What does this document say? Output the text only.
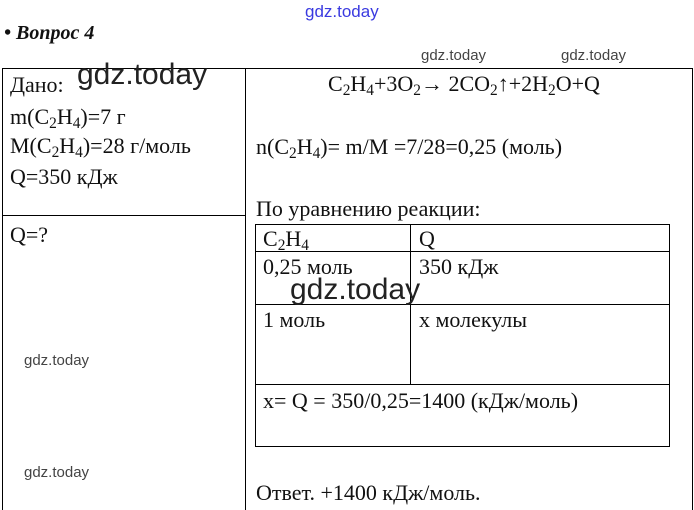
gdz.today
gdz.today	gdz.today
• Вопрос 4
Дано: gdz.today
$m(C_2H_4)=7$ г
$M(C_2H_4)=28$ г/моль
Q=350 кДж
Q=?
gdz.today
gdz.today
$C_2H_4+3O_2\to$ $2CO_2↑+2H_2O+Q$
$n(C_2H_4)= m/M =7/28=0,25$ (моль)
По уравнению реакции:
$C_2H_4$	Q
0,25 моль	350 кДж
gdz.today
1 моль	x молекулы
x= Q = 350/0,25=1400 (кДж/моль)
Ответ. +1400 кДж/моль.
